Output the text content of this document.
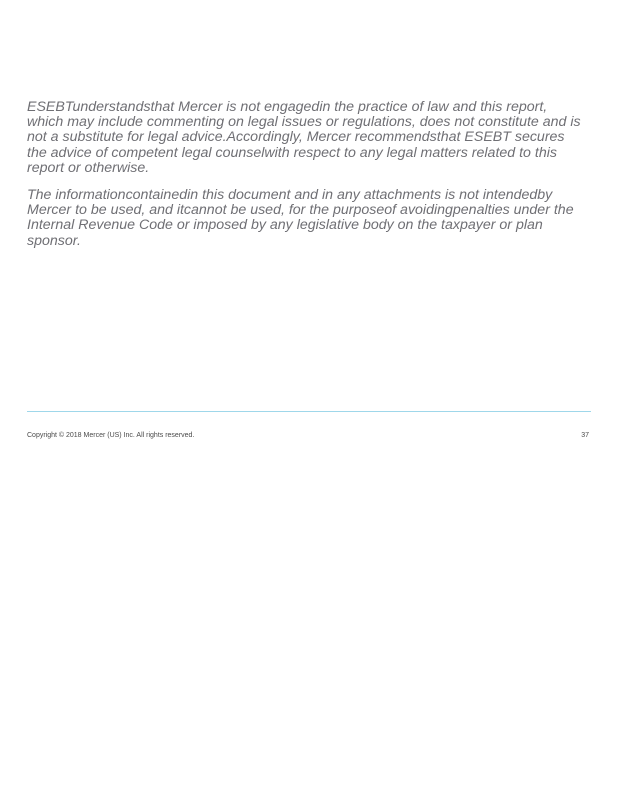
ESEBTunderstandsthat Mercer is not engagedin the practice of law and this report, which may include commenting on legal issues or regulations, does not constitute and is not a substitute for legal advice.Accordingly, Mercer recommendsthat ESEBT secures the advice of competent legal counselwith respect to any legal matters related to this report or otherwise.

The informationcontainedin this document and in any attachments is not intendedby Mercer to be used, and itcannot be used, for the purposeof avoidingpenalties under the Internal Revenue Code or imposed by any legislative body on the taxpayer or plan sponsor.

Copyright © 2018 Mercer (US) Inc. All rights reserved.	37
